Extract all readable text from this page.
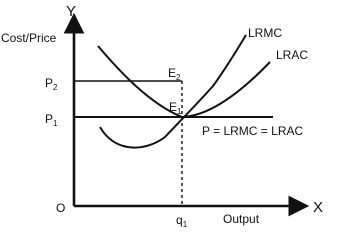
Y
X
O
Cost/Price
Output
$P_2$
$P_1$
$E_2$
$E_1$
$q_1$
LRMC
LRAC
P = LRMC = LRAC
